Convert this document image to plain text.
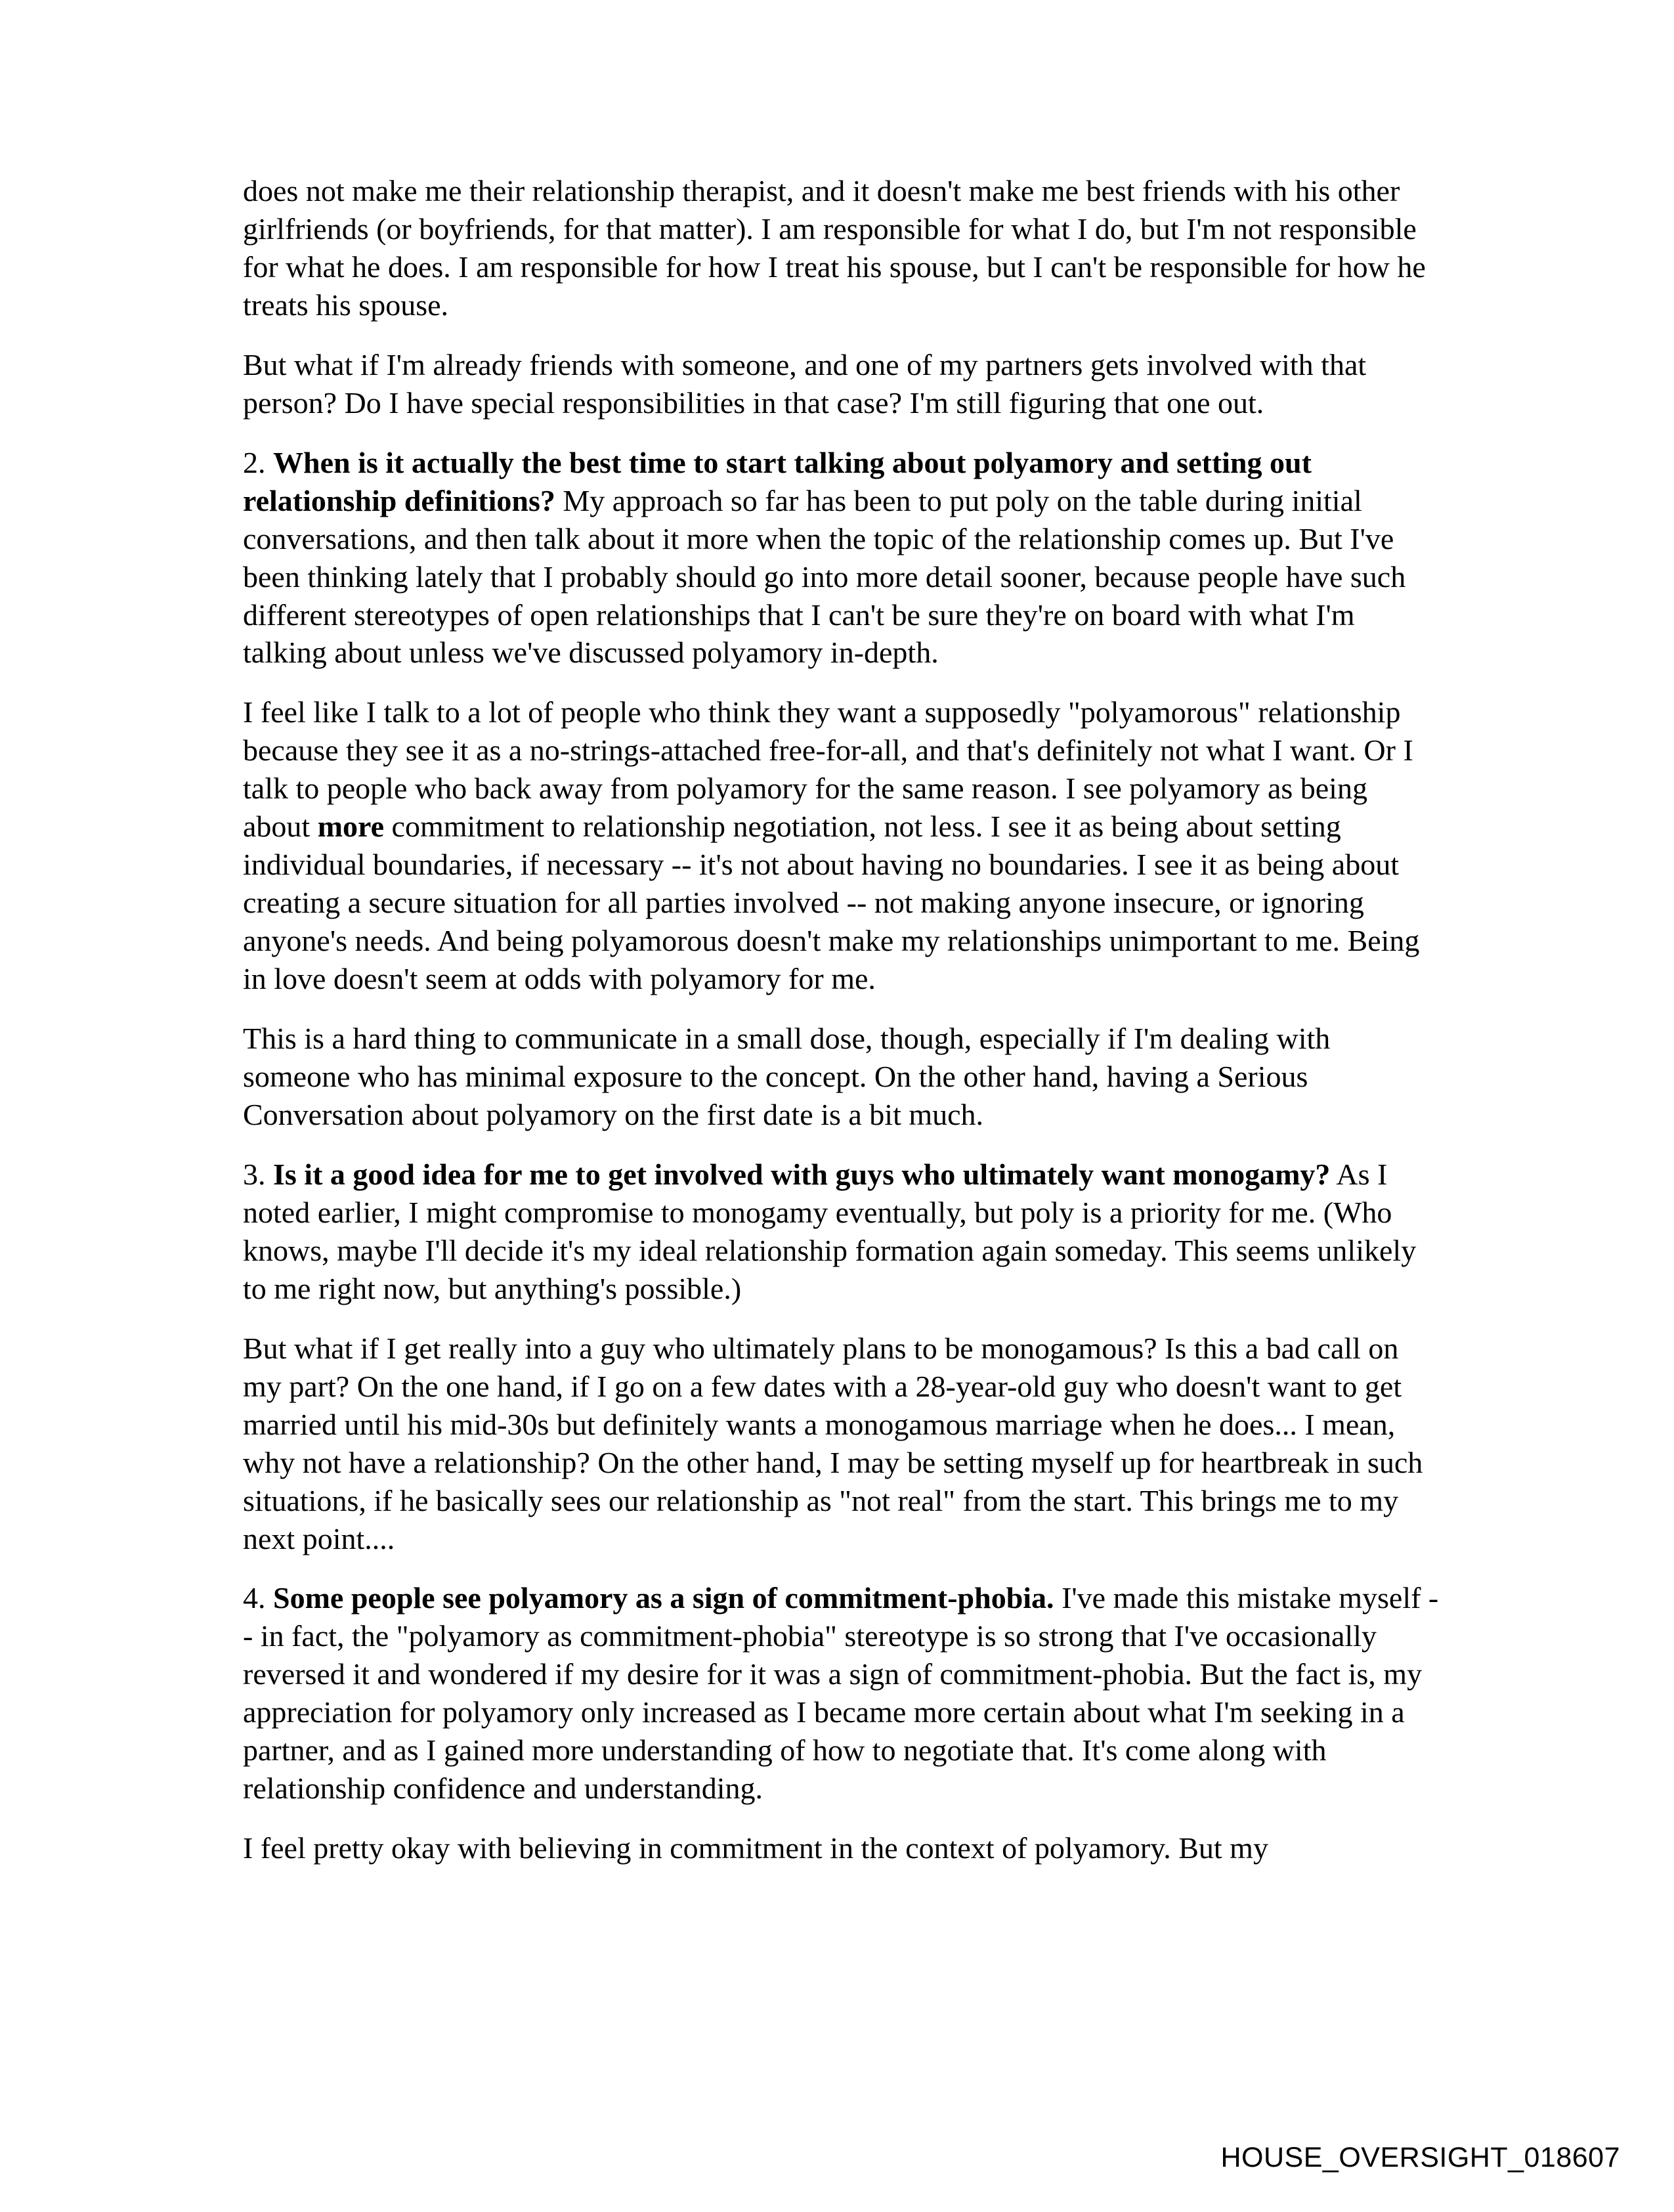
does not make me their relationship therapist, and it doesn't make me best friends with his other girlfriends (or boyfriends, for that matter). I am responsible for what I do, but I'm not responsible for what he does. I am responsible for how I treat his spouse, but I can't be responsible for how he treats his spouse.

But what if I'm already friends with someone, and one of my partners gets involved with that person? Do I have special responsibilities in that case? I'm still figuring that one out.

2. When is it actually the best time to start talking about polyamory and setting out relationship definitions? My approach so far has been to put poly on the table during initial conversations, and then talk about it more when the topic of the relationship comes up. But I've been thinking lately that I probably should go into more detail sooner, because people have such different stereotypes of open relationships that I can't be sure they're on board with what I'm talking about unless we've discussed polyamory in-depth.

I feel like I talk to a lot of people who think they want a supposedly "polyamorous" relationship because they see it as a no-strings-attached free-for-all, and that's definitely not what I want. Or I talk to people who back away from polyamory for the same reason. I see polyamory as being about more commitment to relationship negotiation, not less. I see it as being about setting individual boundaries, if necessary -- it's not about having no boundaries. I see it as being about creating a secure situation for all parties involved -- not making anyone insecure, or ignoring anyone's needs. And being polyamorous doesn't make my relationships unimportant to me. Being in love doesn't seem at odds with polyamory for me.

This is a hard thing to communicate in a small dose, though, especially if I'm dealing with someone who has minimal exposure to the concept. On the other hand, having a Serious Conversation about polyamory on the first date is a bit much.

3. Is it a good idea for me to get involved with guys who ultimately want monogamy? As I noted earlier, I might compromise to monogamy eventually, but poly is a priority for me. (Who knows, maybe I'll decide it's my ideal relationship formation again someday. This seems unlikely to me right now, but anything's possible.)

But what if I get really into a guy who ultimately plans to be monogamous? Is this a bad call on my part? On the one hand, if I go on a few dates with a 28-year-old guy who doesn't want to get married until his mid-30s but definitely wants a monogamous marriage when he does... I mean, why not have a relationship? On the other hand, I may be setting myself up for heartbreak in such situations, if he basically sees our relationship as "not real" from the start. This brings me to my next point....

4. Some people see polyamory as a sign of commitment-phobia. I've made this mistake myself -- in fact, the "polyamory as commitment-phobia" stereotype is so strong that I've occasionally reversed it and wondered if my desire for it was a sign of commitment-phobia. But the fact is, my appreciation for polyamory only increased as I became more certain about what I'm seeking in a partner, and as I gained more understanding of how to negotiate that. It's come along with relationship confidence and understanding.

I feel pretty okay with believing in commitment in the context of polyamory. But my

HOUSE_OVERSIGHT_018607
